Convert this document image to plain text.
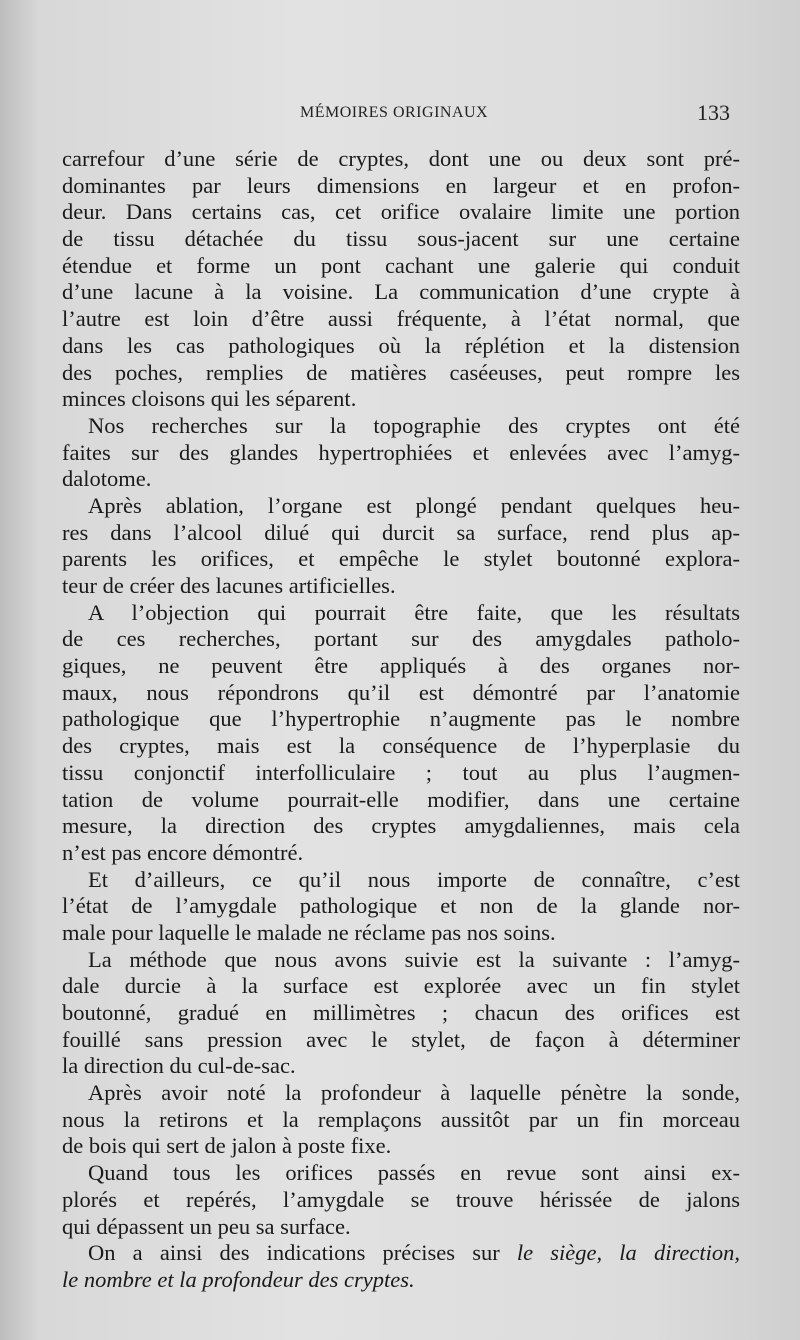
MÉMOIRES ORIGINAUX	133
carrefour d’une série de cryptes, dont une ou deux sont pré-
dominantes par leurs dimensions en largeur et en profon-
deur. Dans certains cas, cet orifice ovalaire limite une portion
de tissu détachée du tissu sous-jacent sur une certaine
étendue et forme un pont cachant une galerie qui conduit
d’une lacune à la voisine. La communication d’une crypte à
l’autre est loin d’être aussi fréquente, à l’état normal, que
dans les cas pathologiques où la réplétion et la distension
des poches, remplies de matières caséeuses, peut rompre les
minces cloisons qui les séparent.
Nos recherches sur la topographie des cryptes ont été
faites sur des glandes hypertrophiées et enlevées avec l’amyg-
dalotome.
Après ablation, l’organe est plongé pendant quelques heu-
res dans l’alcool dilué qui durcit sa surface, rend plus ap-
parents les orifices, et empêche le stylet boutonné explora-
teur de créer des lacunes artificielles.
A l’objection qui pourrait être faite, que les résultats
de ces recherches, portant sur des amygdales patholo-
giques, ne peuvent être appliqués à des organes nor-
maux, nous répondrons qu’il est démontré par l’anatomie
pathologique que l’hypertrophie n’augmente pas le nombre
des cryptes, mais est la conséquence de l’hyperplasie du
tissu conjonctif interfolliculaire ; tout au plus l’augmen-
tation de volume pourrait-elle modifier, dans une certaine
mesure, la direction des cryptes amygdaliennes, mais cela
n’est pas encore démontré.
Et d’ailleurs, ce qu’il nous importe de connaître, c’est
l’état de l’amygdale pathologique et non de la glande nor-
male pour laquelle le malade ne réclame pas nos soins.
La méthode que nous avons suivie est la suivante : l’amyg-
dale durcie à la surface est explorée avec un fin stylet
boutonné, gradué en millimètres ; chacun des orifices est
fouillé sans pression avec le stylet, de façon à déterminer
la direction du cul-de-sac.
Après avoir noté la profondeur à laquelle pénètre la sonde,
nous la retirons et la remplaçons aussitôt par un fin morceau
de bois qui sert de jalon à poste fixe.
Quand tous les orifices passés en revue sont ainsi ex-
plorés et repérés, l’amygdale se trouve hérissée de jalons
qui dépassent un peu sa surface.
On a ainsi des indications précises sur le siège, la direction,
le nombre et la profondeur des cryptes.
